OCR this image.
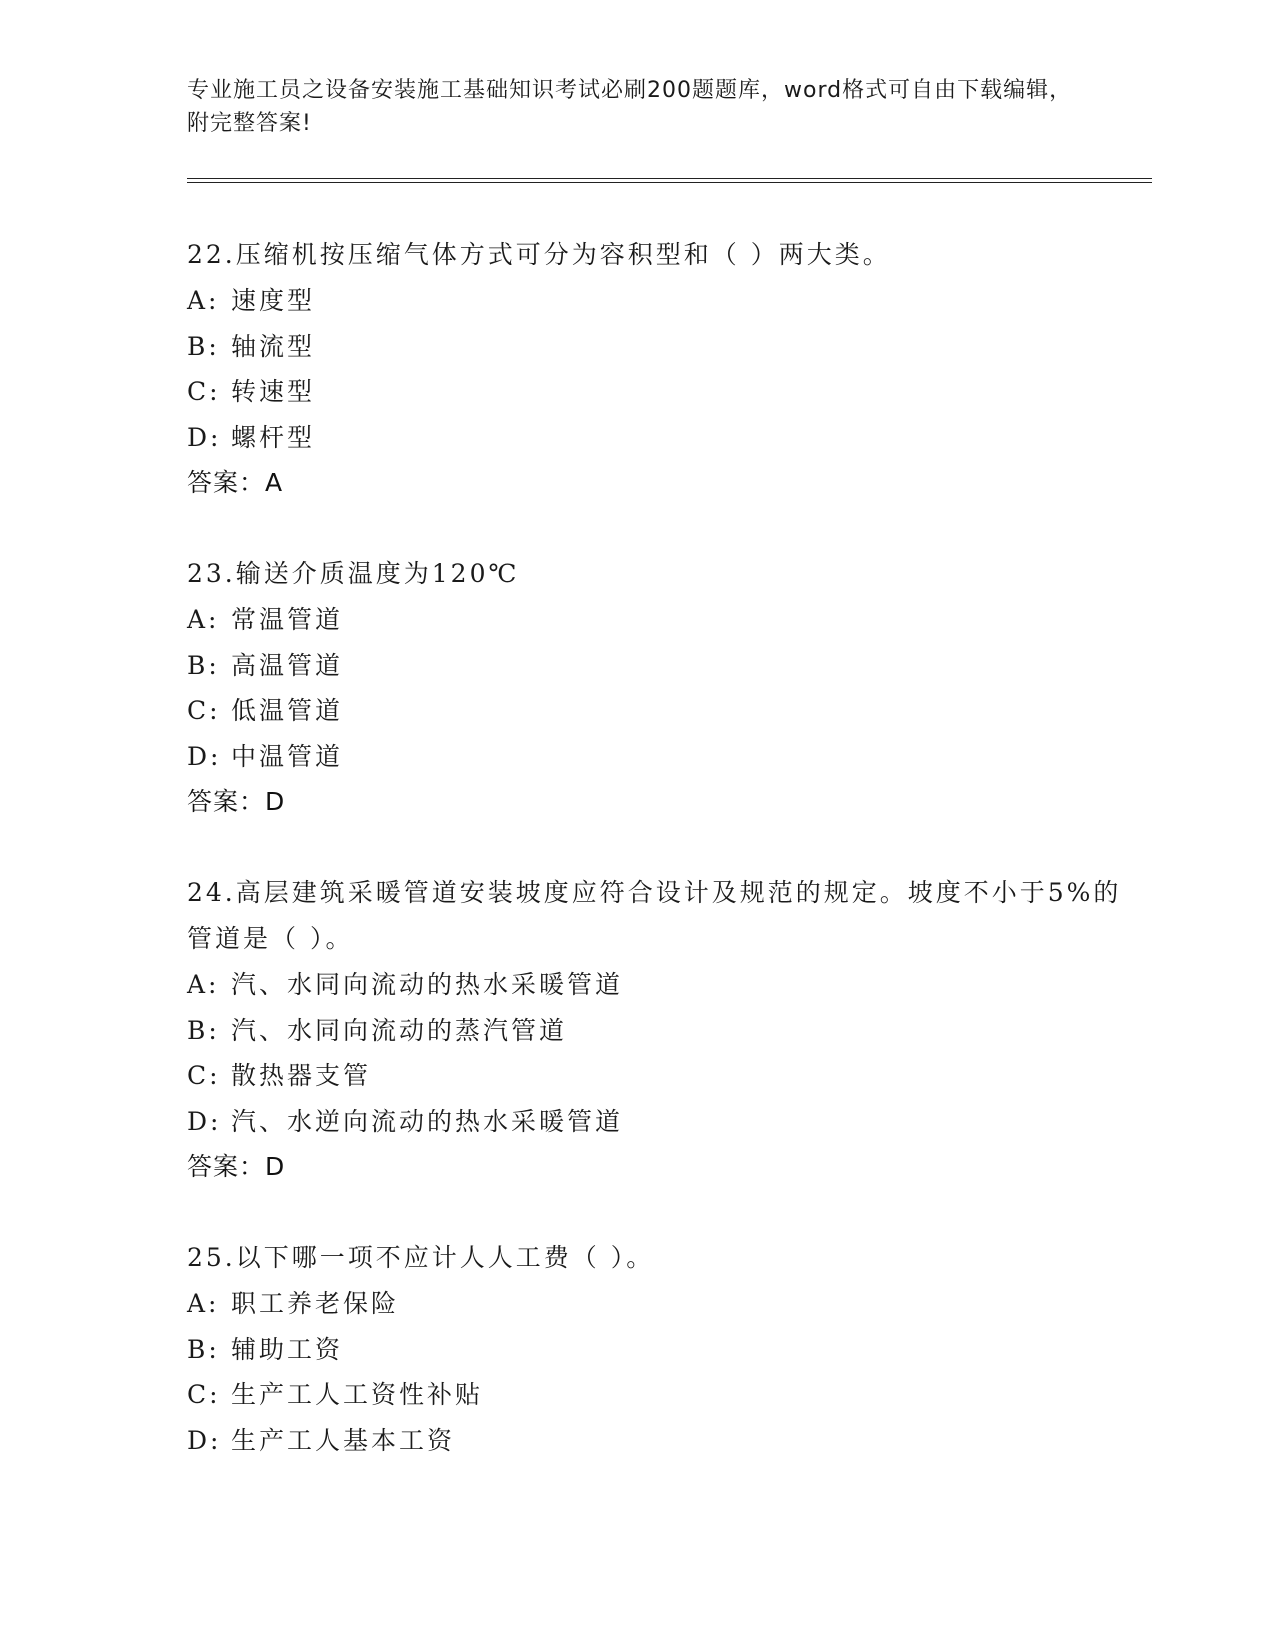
专业施工员之设备安装施工基础知识考试必刷200题题库，word格式可自由下载编辑，附完整答案!

22.压缩机按压缩气体方式可分为容积型和（ ）两大类。

A: 速度型
B: 轴流型
C: 转速型
D: 螺杆型
答案：A

23.输送介质温度为120℃

A: 常温管道
B: 高温管道
C: 低温管道
D: 中温管道
答案：D

24.高层建筑采暖管道安装坡度应符合设计及规范的规定。坡度不小于5%的管道是（ ）。

A: 汽、水同向流动的热水采暖管道
B: 汽、水同向流动的蒸汽管道
C: 散热器支管
D: 汽、水逆向流动的热水采暖管道
答案：D

25.以下哪一项不应计人人工费（ ）。

A: 职工养老保险
B: 辅助工资
C: 生产工人工资性补贴
D: 生产工人基本工资
